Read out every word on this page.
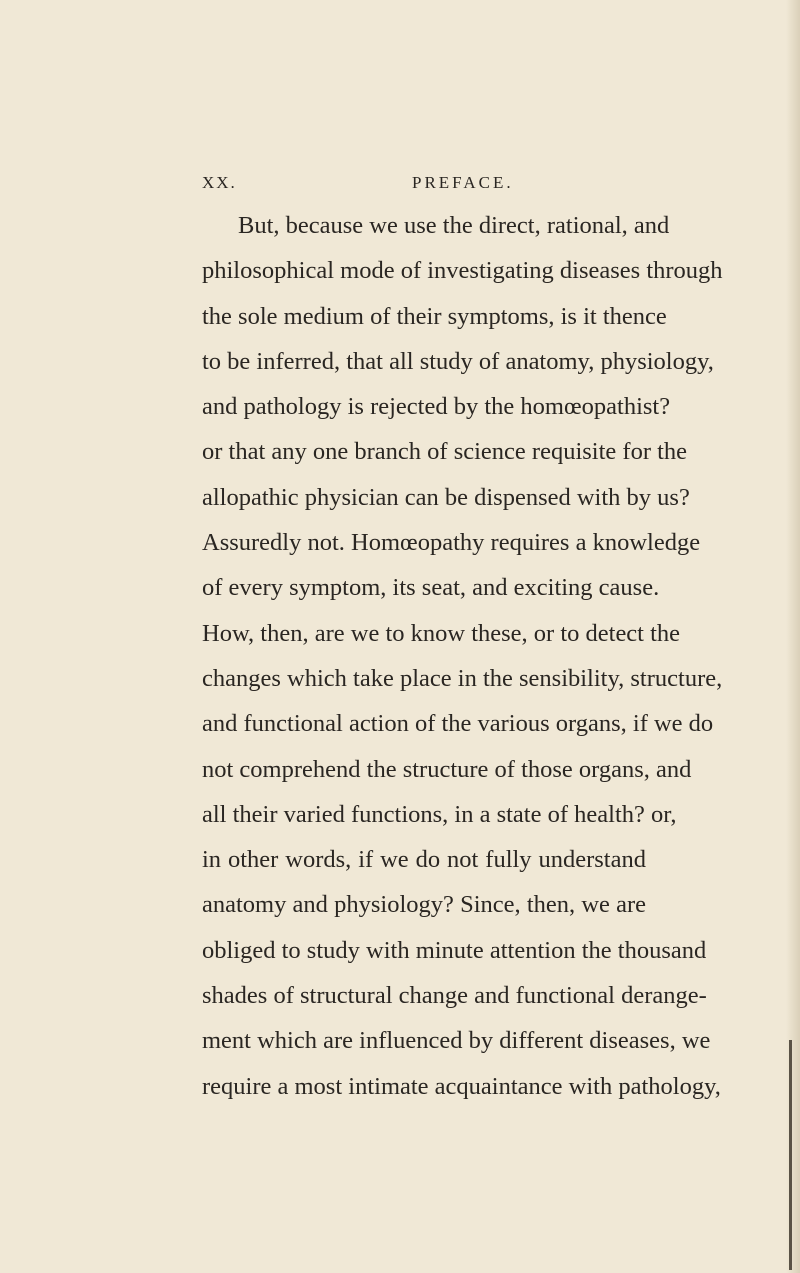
XX.	PREFACE.
But, because we use the direct, rational, and
philosophical mode of investigating diseases through
the sole medium of their symptoms, is it thence
to be inferred, that all study of anatomy, physiology,
and pathology is rejected by the homœopathist?
or that any one branch of science requisite for the
allopathic physician can be dispensed with by us?
Assuredly not. Homœopathy requires a knowledge
of every symptom, its seat, and exciting cause.
How, then, are we to know these, or to detect the
changes which take place in the sensibility, structure,
and functional action of the various organs, if we do
not comprehend the structure of those organs, and
all their varied functions, in a state of health? or,
in other words, if we do not fully understand
anatomy and physiology? Since, then, we are
obliged to study with minute attention the thousand
shades of structural change and functional derange-
ment which are influenced by different diseases, we
require a most intimate acquaintance with pathology,
